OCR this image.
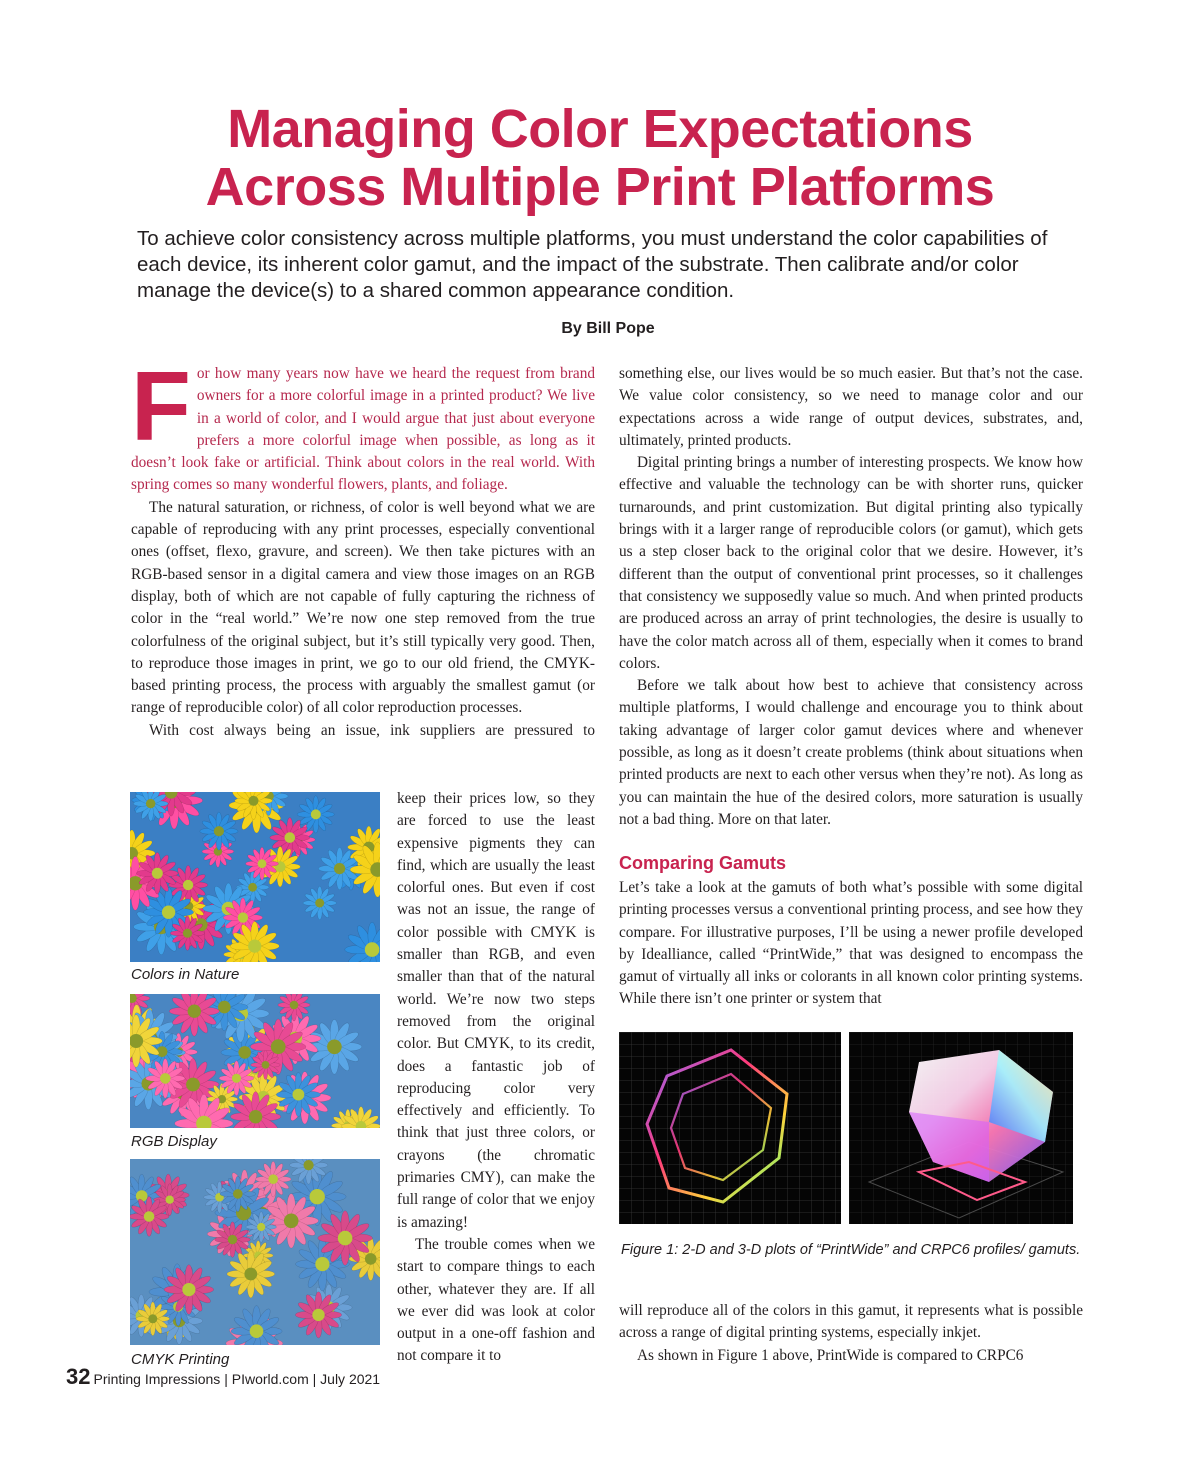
Managing Color Expectations
Across Multiple Print Platforms

To achieve color consistency across multiple platforms, you must understand the color capabilities of each device, its inherent color gamut, and the impact of the substrate. Then calibrate and/or color manage the device(s) to a shared common appearance condition.

By Bill Pope

For how many years now have we heard the request from brand owners for a more colorful image in a printed product? We live in a world of color, and I would argue that just about everyone prefers a more colorful image when possible, as long as it doesn’t look fake or artificial. Think about colors in the real world. With spring comes so many wonderful flowers, plants, and foliage.

The natural saturation, or richness, of color is well beyond what we are capable of reproducing with any print processes, especially conventional ones (offset, flexo, gravure, and screen). We then take pictures with an RGB-based sensor in a digital camera and view those images on an RGB display, both of which are not capable of fully capturing the richness of color in the “real world.” We’re now one step removed from the true colorfulness of the original subject, but it’s still typically very good. Then, to reproduce those images in print, we go to our old friend, the CMYK-based printing process, the process with arguably the smallest gamut (or range of reproducible color) of all color reproduction processes.

With cost always being an issue, ink suppliers are pressured to

Colors in Nature

RGB Display

CMYK Printing

keep their prices low, so they are forced to use the least expensive pigments they can find, which are usually the least colorful ones. But even if cost was not an issue, the range of color possible with CMYK is smaller than RGB, and even smaller than that of the natural world. We’re now two steps removed from the original color. But CMYK, to its credit, does a fantastic job of reproducing color very effectively and efficiently. To think that just three colors, or crayons (the chromatic primaries CMY), can make the full range of color that we enjoy is amazing!

The trouble comes when we start to compare things to each other, whatever they are. If all we ever did was look at color output in a one-off fashion and not compare it to

something else, our lives would be so much easier. But that’s not the case. We value color consistency, so we need to manage color and our expectations across a wide range of output devices, substrates, and, ultimately, printed products.

Digital printing brings a number of interesting prospects. We know how effective and valuable the technology can be with shorter runs, quicker turnarounds, and print customization. But digital printing also typically brings with it a larger range of reproducible colors (or gamut), which gets us a step closer back to the original color that we desire. However, it’s different than the output of conventional print processes, so it challenges that consistency we supposedly value so much. And when printed products are produced across an array of print technologies, the desire is usually to have the color match across all of them, especially when it comes to brand colors.

Before we talk about how best to achieve that consistency across multiple platforms, I would challenge and encourage you to think about taking advantage of larger color gamut devices where and whenever possible, as long as it doesn’t create problems (think about situations when printed products are next to each other versus when they’re not). As long as you can maintain the hue of the desired colors, more saturation is usually not a bad thing. More on that later.

Comparing Gamuts

Let’s take a look at the gamuts of both what’s possible with some digital printing processes versus a conventional printing process, and see how they compare. For illustrative purposes, I’ll be using a newer profile developed by Idealliance, called “PrintWide,” that was designed to encompass the gamut of virtually all inks or colorants in all known color printing systems. While there isn’t one printer or system that

Figure 1: 2-D and 3-D plots of “PrintWide” and CRPC6 profiles/ gamuts.

will reproduce all of the colors in this gamut, it represents what is possible across a range of digital printing systems, especially inkjet.

As shown in Figure 1 above, PrintWide is compared to CRPC6

32 Printing Impressions | PIworld.com | July 2021
